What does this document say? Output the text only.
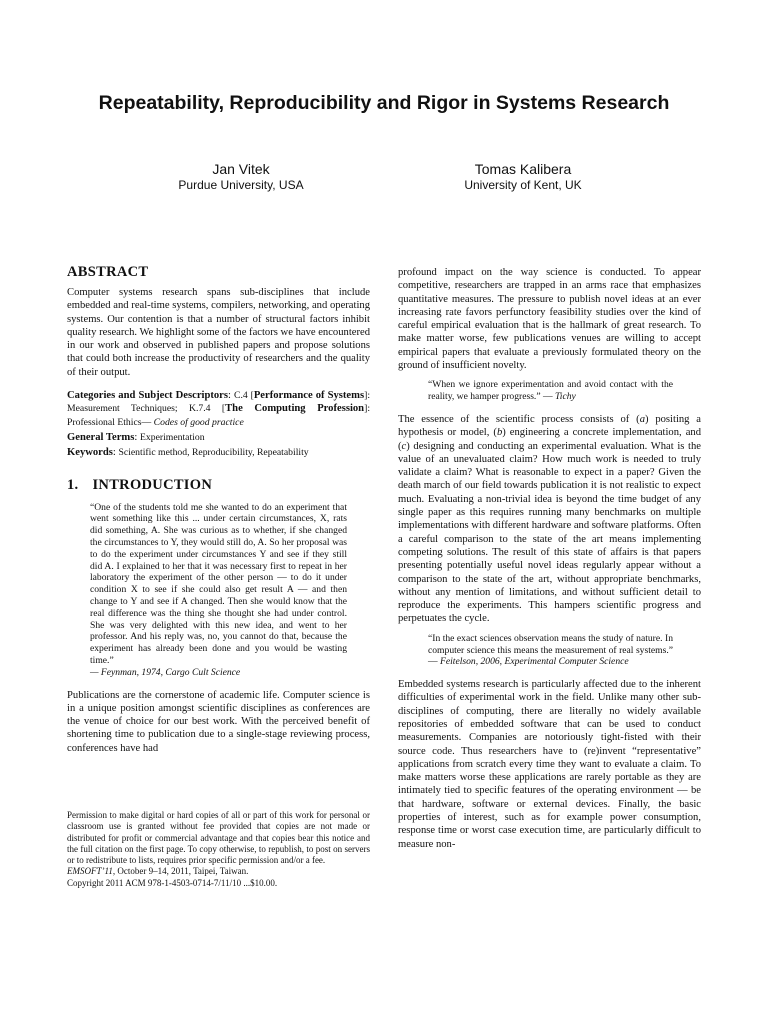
Repeatability, Reproducibility and Rigor in Systems Research
Jan Vitek
Purdue University, USA
Tomas Kalibera
University of Kent, UK
ABSTRACT

Computer systems research spans sub-disciplines that include embedded and real-time systems, compilers, networking, and operating systems. Our contention is that a number of structural factors inhibit quality research. We highlight some of the factors we have encountered in our work and observed in published papers and propose solutions that could both increase the productivity of researchers and the quality of their output.

Categories and Subject Descriptors: C.4 [Performance of Systems]: Measurement Techniques; K.7.4 [The Computing Profession]: Professional Ethics— Codes of good practice

General Terms: Experimentation

Keywords: Scientific method, Reproducibility, Repeatability

1. INTRODUCTION
“One of the students told me she wanted to do an experiment that went something like this ... under certain circumstances, X, rats did something, A. She was curious as to whether, if she changed the circumstances to Y, they would still do, A. So her proposal was to do the experiment under circumstances Y and see if they still did A. I explained to her that it was necessary first to repeat in her laboratory the experiment of the other person — to do it under condition X to see if she could also get result A — and then change to Y and see if A changed. Then she would know that the real difference was the thing she thought she had under control. She was very delighted with this new idea, and went to her professor. And his reply was, no, you cannot do that, because the experiment has already been done and you would be wasting time.”
— Feynman, 1974, Cargo Cult Science

Publications are the cornerstone of academic life. Computer science is in a unique position amongst scientific disciplines as conferences are the venue of choice for our best work. With the perceived benefit of shortening time to publication due to a single-stage reviewing process, conferences have had

Permission to make digital or hard copies of all or part of this work for personal or classroom use is granted without fee provided that copies are not made or distributed for profit or commercial advantage and that copies bear this notice and the full citation on the first page. To copy otherwise, to republish, to post on servers or to redistribute to lists, requires prior specific permission and/or a fee.
EMSOFT’11, October 9–14, 2011, Taipei, Taiwan.
Copyright 2011 ACM 978-1-4503-0714-7/11/10 ...$10.00.

profound impact on the way science is conducted. To appear competitive, researchers are trapped in an arms race that emphasizes quantitative measures. The pressure to publish novel ideas at an ever increasing rate favors perfunctory feasibility studies over the kind of careful empirical evaluation that is the hallmark of great research. To make matter worse, few publications venues are willing to accept empirical papers that evaluate a previously formulated theory on the ground of insufficient novelty.

“When we ignore experimentation and avoid contact with the reality, we hamper progress.” — Tichy

The essence of the scientific process consists of (a) positing a hypothesis or model, (b) engineering a concrete implementation, and (c) designing and conducting an experimental evaluation. What is the value of an unevaluated claim? How much work is needed to truly validate a claim? What is reasonable to expect in a paper? Given the death march of our field towards publication it is not realistic to expect much. Evaluating a non-trivial idea is beyond the time budget of any single paper as this requires running many benchmarks on multiple implementations with different hardware and software platforms. Often a careful comparison to the state of the art means implementing competing solutions. The result of this state of affairs is that papers presenting potentially useful novel ideas regularly appear without a comparison to the state of the art, without appropriate benchmarks, without any mention of limitations, and without sufficient detail to reproduce the experiments. This hampers scientific progress and perpetuates the cycle.

“In the exact sciences observation means the study of nature. In computer science this means the measurement of real systems.” — Feitelson, 2006, Experimental Computer Science

Embedded systems research is particularly affected due to the inherent difficulties of experimental work in the field. Unlike many other sub-disciplines of computing, there are literally no widely available repositories of embedded software that can be used to conduct measurements. Companies are notoriously tight-fisted with their source code. Thus researchers have to (re)invent “representative” applications from scratch every time they want to evaluate a claim. To make matters worse these applications are rarely portable as they are intimately tied to specific features of the operating environment — be that hardware, software or external devices. Finally, the basic properties of interest, such as for example power consumption, response time or worst case execution time, are particularly difficult to measure non-
